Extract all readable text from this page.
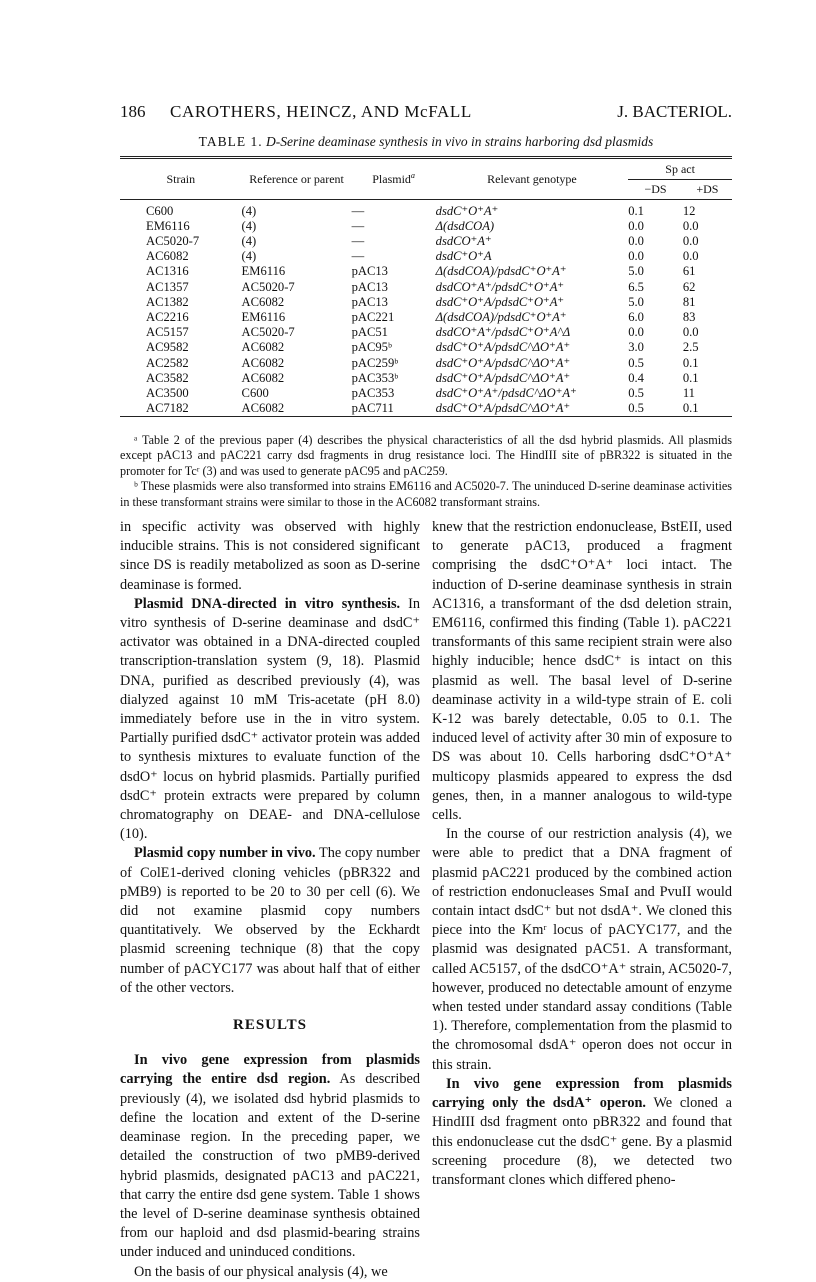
186 CAROTHERS, HEINCZ, AND McFALL	J. BACTERIOL.
TABLE 1. D-Serine deaminase synthesis in vivo in strains harboring dsd plasmids
Strain	Reference or parent	Plasmid$^a$	Relevant genotype	Sp act	
				−DS	+DS

C600	(4)	—	dsdC⁺O⁺A⁺	0.1	12
EM6116	(4)	—	Δ(dsdCOA)	0.0	0.0
AC5020-7	(4)	—	dsdCO⁺A⁺	0.0	0.0
AC6082	(4)	—	dsdC⁺O⁺A	0.0	0.0
AC1316	EM6116	pAC13	Δ(dsdCOA)/pdsdC⁺O⁺A⁺	5.0	61
AC1357	AC5020-7	pAC13	dsdCO⁺A⁺/pdsdC⁺O⁺A⁺	6.5	62
AC1382	AC6082	pAC13	dsdC⁺O⁺A/pdsdC⁺O⁺A⁺	5.0	81
AC2216	EM6116	pAC221	Δ(dsdCOA)/pdsdC⁺O⁺A⁺	6.0	83
AC5157	AC5020-7	pAC51	dsdCO⁺A⁺/pdsdC⁺O⁺A^Δ	0.0	0.0
AC9582	AC6082	pAC95ᵇ	dsdC⁺O⁺A/pdsdC^ΔO⁺A⁺	3.0	2.5
AC2582	AC6082	pAC259ᵇ	dsdC⁺O⁺A/pdsdC^ΔO⁺A⁺	0.5	0.1
AC3582	AC6082	pAC353ᵇ	dsdC⁺O⁺A/pdsdC^ΔO⁺A⁺	0.4	0.1
AC3500	C600	pAC353	dsdC⁺O⁺A⁺/pdsdC^ΔO⁺A⁺	0.5	11
AC7182	AC6082	pAC711	dsdC⁺O⁺A/pdsdC^ΔO⁺A⁺	0.5	0.1

ᵃ Table 2 of the previous paper (4) describes the physical characteristics of all the dsd hybrid plasmids. All plasmids except pAC13 and pAC221 carry dsd fragments in drug resistance loci. The HindIII site of pBR322 is situated in the promoter for Tcʳ (3) and was used to generate pAC95 and pAC259.

ᵇ These plasmids were also transformed into strains EM6116 and AC5020-7. The uninduced D-serine deaminase activities in these transformant strains were similar to those in the AC6082 transformant strains.

in specific activity was observed with highly inducible strains. This is not considered significant since DS is readily metabolized as soon as D-serine deaminase is formed.

Plasmid DNA-directed in vitro synthesis. In vitro synthesis of D-serine deaminase and dsdC⁺ activator was obtained in a DNA-directed coupled transcription-translation system (9, 18). Plasmid DNA, purified as described previously (4), was dialyzed against 10 mM Tris-acetate (pH 8.0) immediately before use in the in vitro system. Partially purified dsdC⁺ activator protein was added to synthesis mixtures to evaluate function of the dsdO⁺ locus on hybrid plasmids. Partially purified dsdC⁺ protein extracts were prepared by column chromatography on DEAE- and DNA-cellulose (10).

Plasmid copy number in vivo. The copy number of ColE1-derived cloning vehicles (pBR322 and pMB9) is reported to be 20 to 30 per cell (6). We did not examine plasmid copy numbers quantitatively. We observed by the Eckhardt plasmid screening technique (8) that the copy number of pACYC177 was about half that of either of the other vectors.

RESULTS

In vivo gene expression from plasmids carrying the entire dsd region. As described previously (4), we isolated dsd hybrid plasmids to define the location and extent of the D-serine deaminase region. In the preceding paper, we detailed the construction of two pMB9-derived hybrid plasmids, designated pAC13 and pAC221, that carry the entire dsd gene system. Table 1 shows the level of D-serine deaminase synthesis obtained from our haploid and dsd plasmid-bearing strains under induced and uninduced conditions.

On the basis of our physical analysis (4), we

knew that the restriction endonuclease, BstEII, used to generate pAC13, produced a fragment comprising the dsdC⁺O⁺A⁺ loci intact. The induction of D-serine deaminase synthesis in strain AC1316, a transformant of the dsd deletion strain, EM6116, confirmed this finding (Table 1). pAC221 transformants of this same recipient strain were also highly inducible; hence dsdC⁺ is intact on this plasmid as well. The basal level of D-serine deaminase activity in a wild-type strain of E. coli K-12 was barely detectable, 0.05 to 0.1. The induced level of activity after 30 min of exposure to DS was about 10. Cells harboring dsdC⁺O⁺A⁺ multicopy plasmids appeared to express the dsd genes, then, in a manner analogous to wild-type cells.

In the course of our restriction analysis (4), we were able to predict that a DNA fragment of plasmid pAC221 produced by the combined action of restriction endonucleases SmaI and PvuII would contain intact dsdC⁺ but not dsdA⁺. We cloned this piece into the Kmʳ locus of pACYC177, and the plasmid was designated pAC51. A transformant, called AC5157, of the dsdCO⁺A⁺ strain, AC5020-7, however, produced no detectable amount of enzyme when tested under standard assay conditions (Table 1). Therefore, complementation from the plasmid to the chromosomal dsdA⁺ operon does not occur in this strain.

In vivo gene expression from plasmids carrying only the dsdA⁺ operon. We cloned a HindIII dsd fragment onto pBR322 and found that this endonuclease cut the dsdC⁺ gene. By a plasmid screening procedure (8), we detected two transformant clones which differed pheno-
